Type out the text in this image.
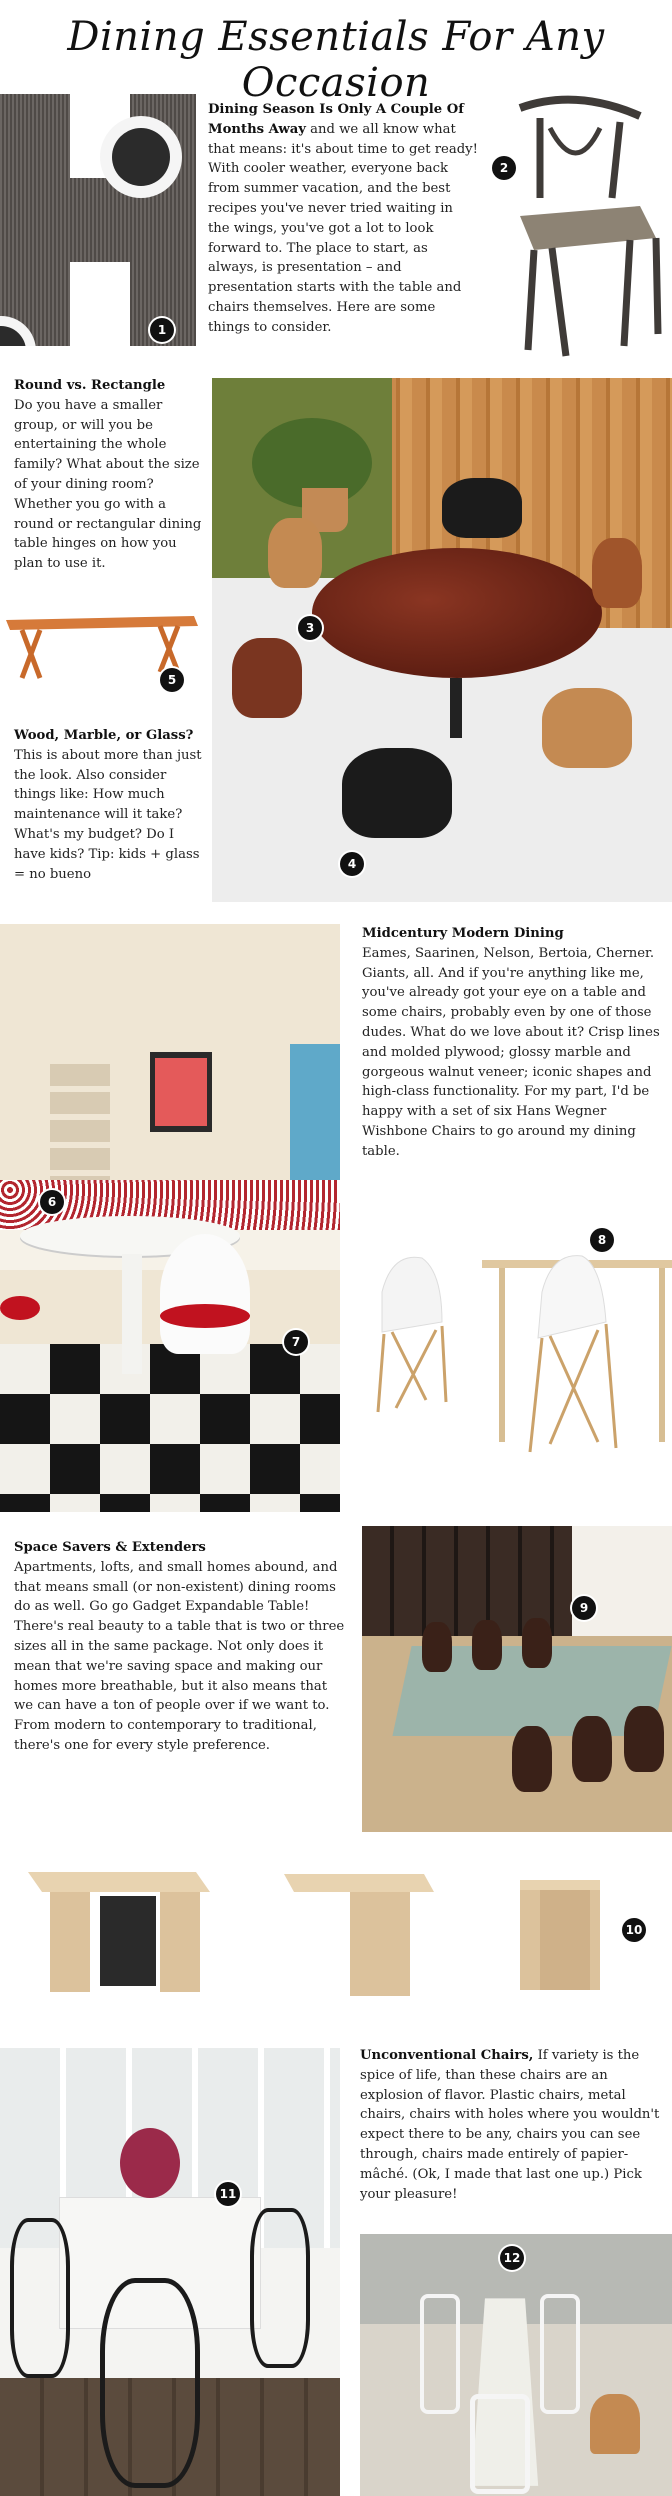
Dining Essentials For Any Occasion
1
Dining Season Is Only A Couple Of Months Away and we all know what that means: it's about time to get ready! With cooler weather, everyone back from summer vacation, and the best recipes you've never tried waiting in the wings, you've got a lot to look forward to. The place to start, as always, is presentation – and presentation starts with the table and chairs themselves. Here are some things to consider.
2
Round vs. Rectangle
Do you have a smaller group, or will you be entertaining the whole family? What about the size of your dining room? Whether you go with a round or rectangular dining table hinges on how you plan to use it.
5
Wood, Marble, or Glass?
This is about more than just the look. Also consider things like: How much maintenance will it take? What's my budget? Do I have kids? Tip: kids + glass = no bueno
3
4
6
7
Midcentury Modern Dining
Eames, Saarinen, Nelson, Bertoia, Cherner. Giants, all. And if you're anything like me, you've already got your eye on a table and some chairs, probably even by one of those dudes. What do we love about it? Crisp lines and molded plywood; glossy marble and gorgeous walnut veneer; iconic shapes and high-class functionality. For my part, I'd be happy with a set of six Hans Wegner Wishbone Chairs to go around my dining table.
8
Space Savers & Extenders
Apartments, lofts, and small homes abound, and that means small (or non-existent) dining rooms do as well. Go go Gadget Expandable Table! There's real beauty to a table that is two or three sizes all in the same package. Not only does it mean that we're saving space and making our homes more breathable, but it also means that we can have a ton of people over if we want to. From modern to contemporary to traditional, there's one for every style preference.
9
10
11
Unconventional Chairs, If variety is the spice of life, than these chairs are an explosion of flavor. Plastic chairs, metal chairs, chairs with holes where you wouldn't expect there to be any, chairs you can see through, chairs made entirely of papier-mâché. (Ok, I made that last one up.) Pick your pleasure!
12
